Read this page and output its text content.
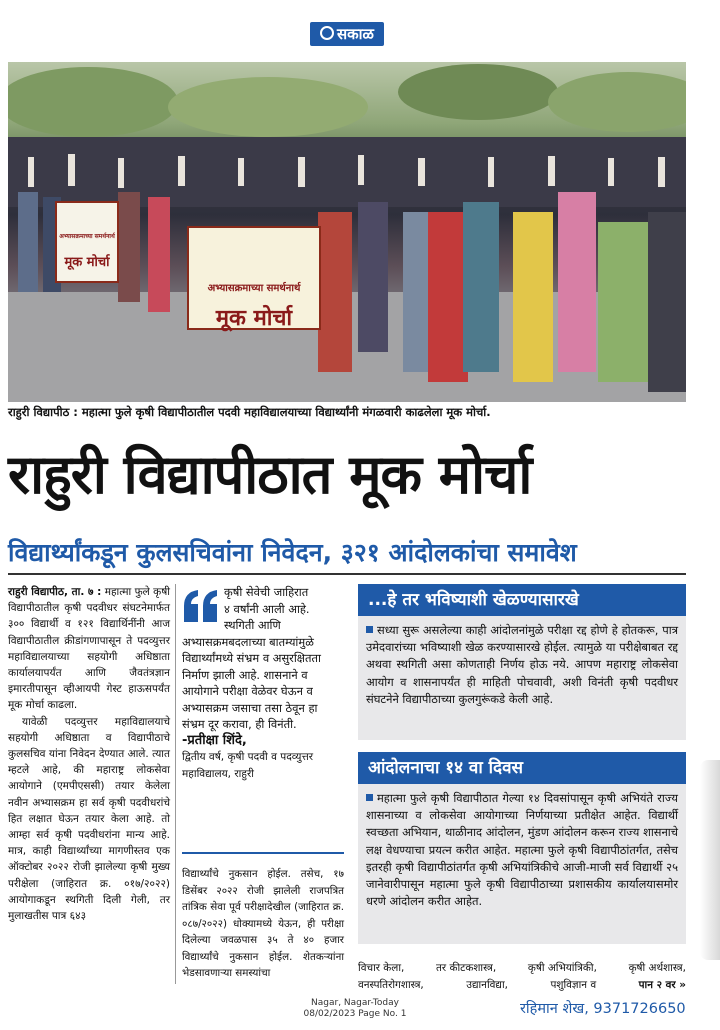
सकाळ
अभ्यासक्रमाच्या समर्थनार्थ
मूक मोर्चा
अभ्यासक्रमाच्या समर्थनार्थ
मूक मोर्चा
राहुरी विद्यापीठ : महात्मा फुले कृषी विद्यापीठातील पदवी महाविद्यालयाच्या विद्यार्थ्यांनी मंगळवारी काढलेला मूक मोर्चा.
राहुरी विद्यापीठात मूक मोर्चा
विद्यार्थ्यांकडून कुलसचिवांना निवेदन, ३२१ आंदोलकांचा समावेश

राहुरी विद्यापीठ, ता. ७ : महात्मा फुले कृषी विद्यापीठातील कृषी पदवीधर संघटनेमार्फत ३०० विद्यार्थी व १२१ विद्यार्थिनींनी आज विद्यापीठातील क्रीडांगणापासून ते पदव्युत्तर महाविद्यालयाच्या सहयोगी अधिष्ठाता कार्यालयापर्यंत आणि जैवतंत्रज्ञान इमारतीपासून व्हीआयपी गेस्ट हाऊसपर्यंत मूक मोर्चा काढला.

यावेळी पदव्युत्तर महाविद्यालयाचे सहयोगी अधिष्ठाता व विद्यापीठाचे कुलसचिव यांना निवेदन देण्यात आले. त्यात म्हटले आहे, की महाराष्ट्र लोकसेवा आयोगाने (एमपीएससी) तयार केलेला नवीन अभ्यासक्रम हा सर्व कृषी पदवीधरांचे हित लक्षात घेऊन तयार केला आहे. तो आम्हा सर्व कृषी पदवीधरांना मान्य आहे. मात्र, काही विद्यार्थ्यांच्या मागणीस्तव एक ऑक्टोबर २०२२ रोजी झालेल्या कृषी मुख्य परीक्षेला (जाहिरात क्र. ०१७/२०२२) आयोगाकडून स्थगिती दिली गेली, तर मुलाखतीस पात्र ६४३

कृषी सेवेची जाहिरात
४ वर्षांनी आली आहे.
स्थगिती आणि
अभ्यासक्रमबदलाच्या बातम्यांमुळे विद्यार्थ्यांमध्ये संभ्रम व असुरक्षितता निर्माण झाली आहे. शासनाने व आयोगाने परीक्षा वेळेवर घेऊन व अभ्यासक्रम जसाचा तसा ठेवून हा संभ्रम दूर करावा, ही विनंती.
-प्रतीक्षा शिंदे,
द्वितीय वर्ष, कृषी पदवी व पदव्युत्तर महाविद्यालय, राहुरी
विद्यार्थ्यांचे नुकसान होईल. तसेच, १७ डिसेंबर २०२२ रोजी झालेली राजपत्रित तांत्रिक सेवा पूर्व परीक्षादेखील (जाहिरात क्र. ०८७/२०२२) धोक्यामध्ये येऊन, ही परीक्षा दिलेल्या जवळपास ३५ ते ४० हजार विद्यार्थ्यांचे नुकसान होईल. शेतकऱ्यांना भेडसावणाऱ्या समस्यांचा
...हे तर भविष्याशी खेळण्यासारखे
सध्या सुरू असलेल्या काही आंदोलनांमुळे परीक्षा रद्द होणे हे होतकरू, पात्र उमेदवारांच्या भविष्याशी खेळ करण्यासारखे होईल. त्यामुळे या परीक्षेबाबत रद्द अथवा स्थगिती असा कोणताही निर्णय होऊ नये. आपण महाराष्ट्र लोकसेवा आयोग व शासनापर्यंत ही माहिती पोचवावी, अशी विनंती कृषी पदवीधर संघटनेने विद्यापीठाच्या कुलगुरूंकडे केली आहे.
आंदोलनाचा १४ वा दिवस
महात्मा फुले कृषी विद्यापीठात गेल्या १४ दिवसांपासून कृषी अभियंते राज्य शासनाच्या व लोकसेवा आयोगाच्या निर्णयाच्या प्रतीक्षेत आहेत. विद्यार्थी स्वच्छता अभियान, थाळीनाद आंदोलन, मुंडण आंदोलन करून राज्य शासनाचे लक्ष वेधण्याचा प्रयत्न करीत आहेत. महात्मा फुले कृषी विद्यापीठांतर्गत, तसेच इतरही कृषी विद्यापीठांतर्गत कृषी अभियांत्रिकीचे आजी-माजी सर्व विद्यार्थी २५ जानेवारीपासून महात्मा फुले कृषी विद्यापीठाच्या प्रशासकीय कार्यालयासमोर धरणे आंदोलन करीत आहेत.
विचार केला,	तर कीटकशास्त्र,	कृषी अभियांत्रिकी,	कृषी अर्थशास्त्र,
वनस्पतिरोगशास्त्र,	उद्यानविद्या,	पशुविज्ञान व	पान २ वर »
Nagar, Nagar-Today
08/02/2023 Page No. 1	रहिमान शेख, 9371726650
